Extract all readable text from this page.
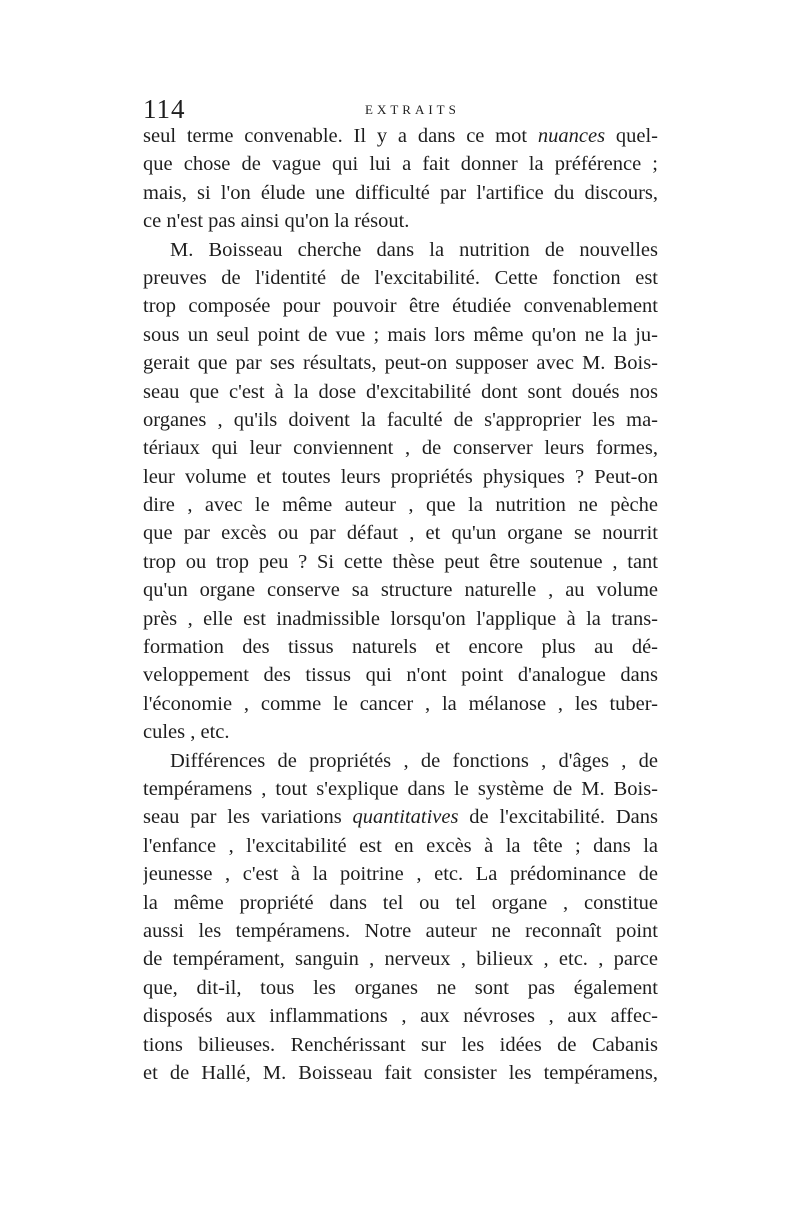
114	EXTRAITS
seul terme convenable. Il y a dans ce mot nuances quel-
que chose de vague qui lui a fait donner la préférence ;
mais, si l'on élude une difficulté par l'artifice du discours,
ce n'est pas ainsi qu'on la résout.
M. Boisseau cherche dans la nutrition de nouvelles
preuves de l'identité de l'excitabilité. Cette fonction est
trop composée pour pouvoir être étudiée convenablement
sous un seul point de vue ; mais lors même qu'on ne la ju-
gerait que par ses résultats, peut-on supposer avec M. Bois-
seau que c'est à la dose d'excitabilité dont sont doués nos
organes , qu'ils doivent la faculté de s'approprier les ma-
tériaux qui leur conviennent , de conserver leurs formes,
leur volume et toutes leurs propriétés physiques ? Peut-on
dire , avec le même auteur , que la nutrition ne pèche
que par excès ou par défaut , et qu'un organe se nourrit
trop ou trop peu ? Si cette thèse peut être soutenue , tant
qu'un organe conserve sa structure naturelle , au volume
près , elle est inadmissible lorsqu'on l'applique à la trans-
formation des tissus naturels et encore plus au dé-
veloppement des tissus qui n'ont point d'analogue dans
l'économie , comme le cancer , la mélanose , les tuber-
cules , etc.
Différences de propriétés , de fonctions , d'âges , de
tempéramens , tout s'explique dans le système de M. Bois-
seau par les variations quantitatives de l'excitabilité. Dans
l'enfance , l'excitabilité est en excès à la tête ; dans la
jeunesse , c'est à la poitrine , etc. La prédominance de
la même propriété dans tel ou tel organe , constitue
aussi les tempéramens. Notre auteur ne reconnaît point
de tempérament, sanguin , nerveux , bilieux , etc. , parce
que, dit-il, tous les organes ne sont pas également
disposés aux inflammations , aux névroses , aux affec-
tions bilieuses. Renchérissant sur les idées de Cabanis
et de Hallé, M. Boisseau fait consister les tempéramens,
